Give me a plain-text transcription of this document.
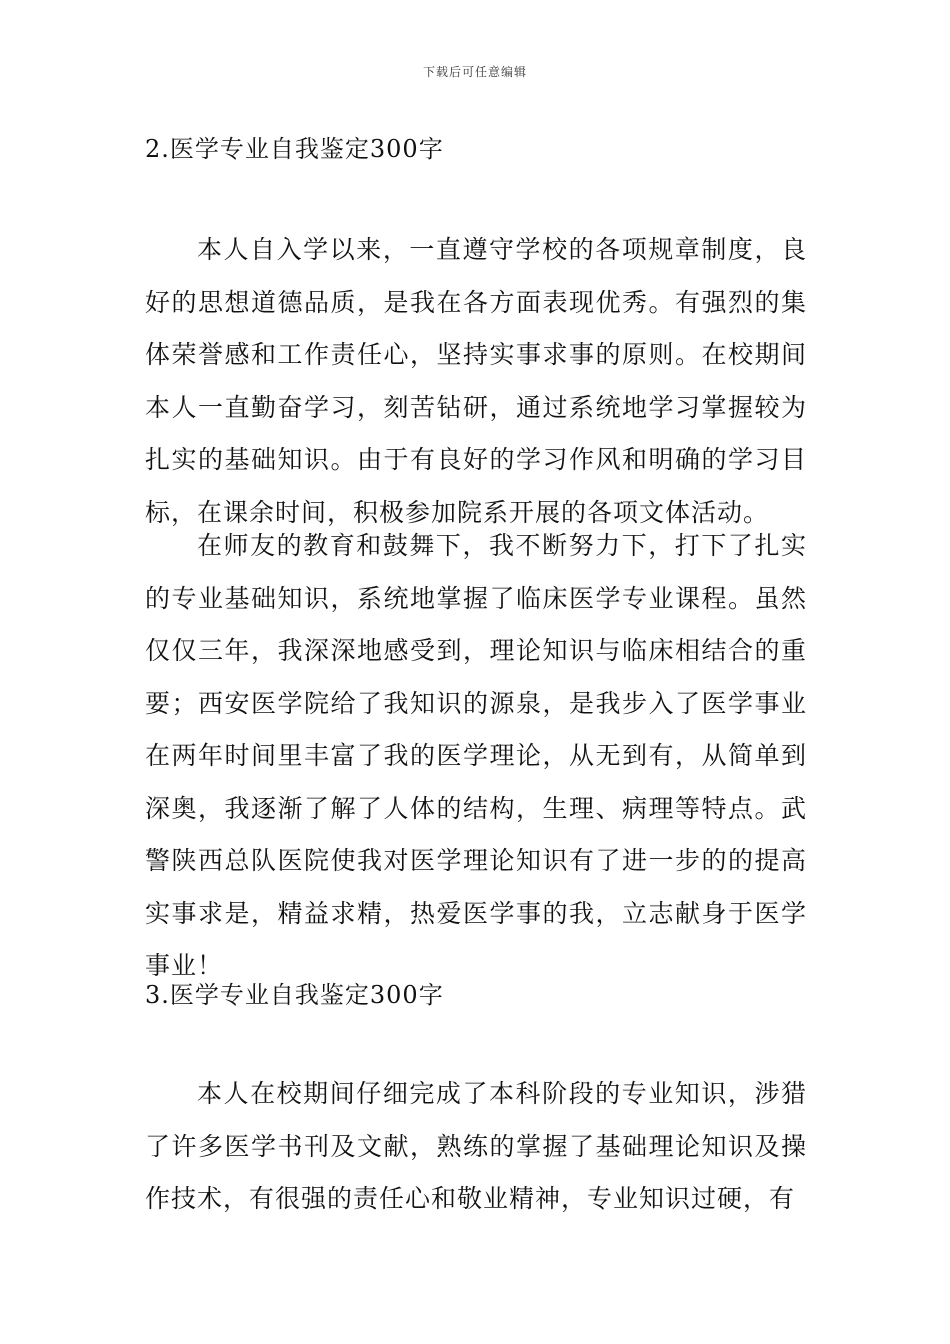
下载后可任意编辑
2.医学专业自我鉴定300字

本人自入学以来，一直遵守学校的各项规章制度，良好的思想道德品质，是我在各方面表现优秀。有强烈的集体荣誉感和工作责任心，坚持实事求事的原则。在校期间本人一直勤奋学习，刻苦钻研，通过系统地学习掌握较为扎实的基础知识。由于有良好的学习作风和明确的学习目标，在课余时间，积极参加院系开展的各项文体活动。

在师友的教育和鼓舞下，我不断努力下，打下了扎实的专业基础知识，系统地掌握了临床医学专业课程。虽然仅仅三年，我深深地感受到，理论知识与临床相结合的重要；西安医学院给了我知识的源泉，是我步入了医学事业在两年时间里丰富了我的医学理论，从无到有，从简单到深奥，我逐渐了解了人体的结构，生理、病理等特点。武警陕西总队医院使我对医学理论知识有了进一步的的提高实事求是，精益求精，热爱医学事的我，立志献身于医学事业！

3.医学专业自我鉴定300字

本人在校期间仔细完成了本科阶段的专业知识，涉猎了许多医学书刊及文献，熟练的掌握了基础理论知识及操作技术，有很强的责任心和敬业精神，专业知识过硬，有
